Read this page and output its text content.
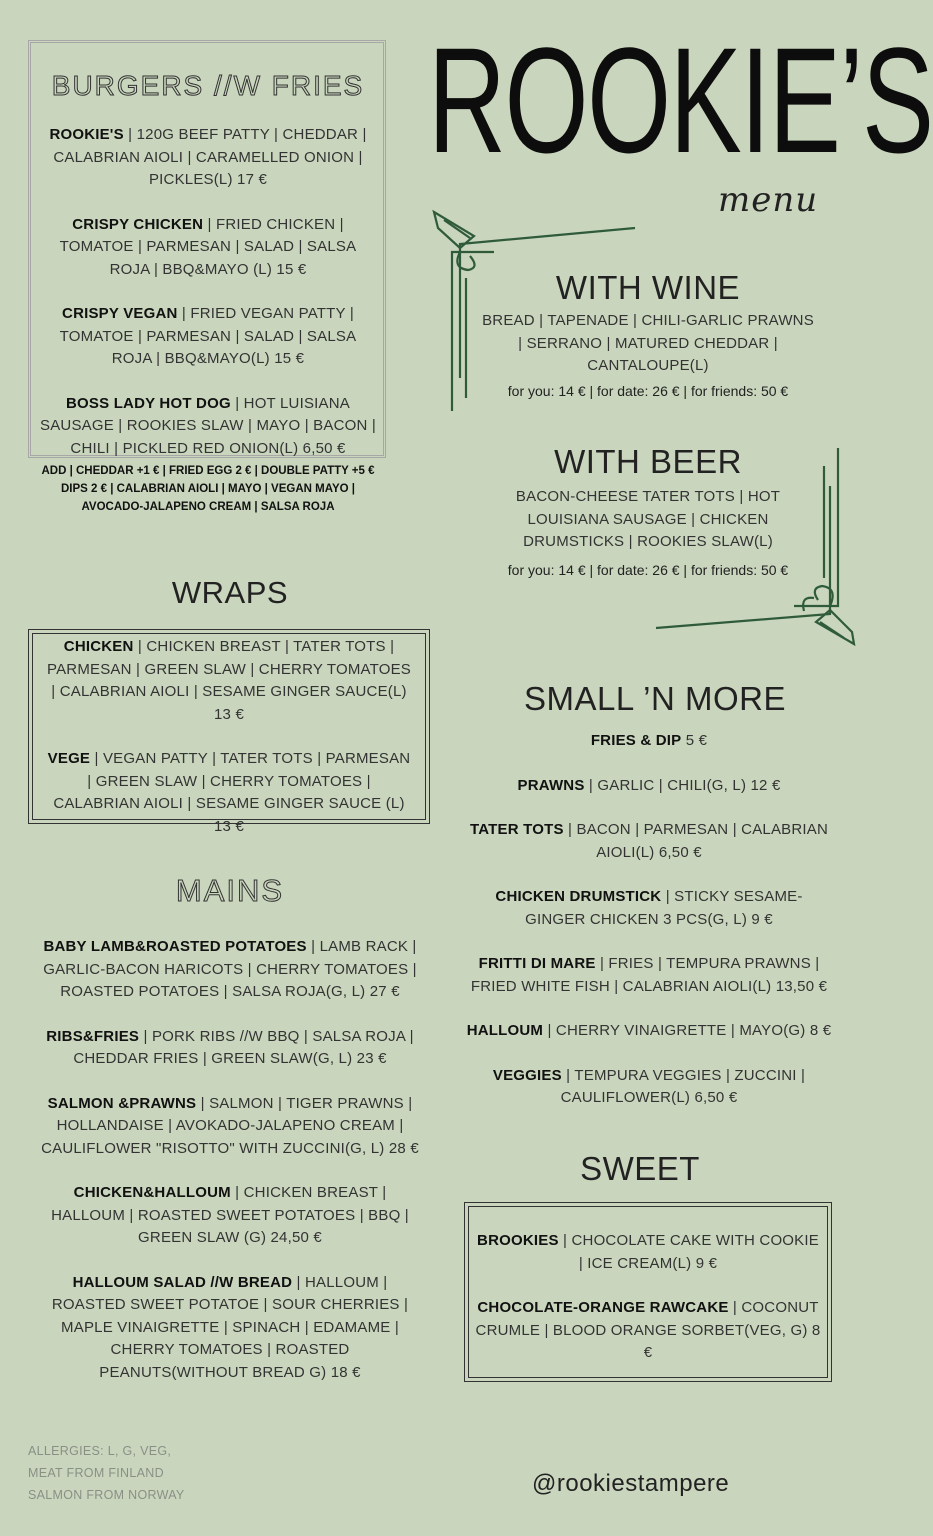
ROOKIE’S
menu
BURGERS //W FRIES
ROOKIE'S | 120G BEEF PATTY | CHEDDAR | CALABRIAN AIOLI | CARAMELLED ONION | PICKLES(L) 17 €
CRISPY CHICKEN | FRIED CHICKEN | TOMATOE | PARMESAN | SALAD | SALSA ROJA | BBQ&MAYO (L) 15 €
CRISPY VEGAN | FRIED VEGAN PATTY | TOMATOE | PARMESAN | SALAD | SALSA ROJA | BBQ&MAYO(L) 15 €
BOSS LADY HOT DOG | HOT LUISIANA SAUSAGE | ROOKIES SLAW | MAYO | BACON | CHILI | PICKLED RED ONION(L) 6,50 €
ADD | CHEDDAR +1 € | FRIED EGG 2 € | DOUBLE PATTY +5 € DIPS 2 € | CALABRIAN AIOLI | MAYO | VEGAN MAYO | AVOCADO-JALAPENO CREAM | SALSA ROJA
WRAPS
CHICKEN | CHICKEN BREAST | TATER TOTS | PARMESAN | GREEN SLAW | CHERRY TOMATOES | CALABRIAN AIOLI | SESAME GINGER SAUCE(L) 13 €
VEGE | VEGAN PATTY | TATER TOTS | PARMESAN | GREEN SLAW | CHERRY TOMATOES | CALABRIAN AIOLI | SESAME GINGER SAUCE (L) 13 €
MAINS
BABY LAMB&ROASTED POTATOES | LAMB RACK | GARLIC-BACON HARICOTS | CHERRY TOMATOES | ROASTED POTATOES | SALSA ROJA(G, L) 27 €
RIBS&FRIES | PORK RIBS //W BBQ | SALSA ROJA | CHEDDAR FRIES | GREEN SLAW(G, L) 23 €
SALMON &PRAWNS | SALMON | TIGER PRAWNS | HOLLANDAISE | AVOKADO-JALAPENO CREAM | CAULIFLOWER "RISOTTO" WITH ZUCCINI(G, L) 28 €
CHICKEN&HALLOUM | CHICKEN BREAST | HALLOUM | ROASTED SWEET POTATOES | BBQ | GREEN SLAW (G) 24,50 €
HALLOUM SALAD //W BREAD | HALLOUM | ROASTED SWEET POTATOE | SOUR CHERRIES | MAPLE VINAIGRETTE | SPINACH | EDAMAME | CHERRY TOMATOES | ROASTED PEANUTS(WITHOUT BREAD G) 18 €
WITH WINE
BREAD | TAPENADE | CHILI-GARLIC PRAWNS | SERRANO | MATURED CHEDDAR | CANTALOUPE(L)
for you: 14 € | for date: 26 € | for friends: 50 €
WITH BEER
BACON-CHEESE TATER TOTS | HOT LOUISIANA SAUSAGE | CHICKEN DRUMSTICKS | ROOKIES SLAW(L)
for you: 14 € | for date: 26 € | for friends: 50 €
SMALL ’N MORE
FRIES & DIP 5 €
PRAWNS | GARLIC | CHILI(G, L) 12 €
TATER TOTS | BACON | PARMESAN | CALABRIAN AIOLI(L) 6,50 €
CHICKEN DRUMSTICK | STICKY SESAME-GINGER CHICKEN 3 PCS(G, L) 9 €
FRITTI DI MARE | FRIES | TEMPURA PRAWNS | FRIED WHITE FISH | CALABRIAN AIOLI(L) 13,50 €
HALLOUM | CHERRY VINAIGRETTE | MAYO(G) 8 €
VEGGIES | TEMPURA VEGGIES | ZUCCINI | CAULIFLOWER(L) 6,50 €
SWEET
BROOKIES | CHOCOLATE CAKE WITH COOKIE | ICE CREAM(L) 9 €
CHOCOLATE-ORANGE RAWCAKE | COCONUT CRUMLE | BLOOD ORANGE SORBET(VEG, G) 8 €
ALLERGIES: L, G, VEG,
MEAT FROM FINLAND
SALMON FROM NORWAY	@rookiestampere
